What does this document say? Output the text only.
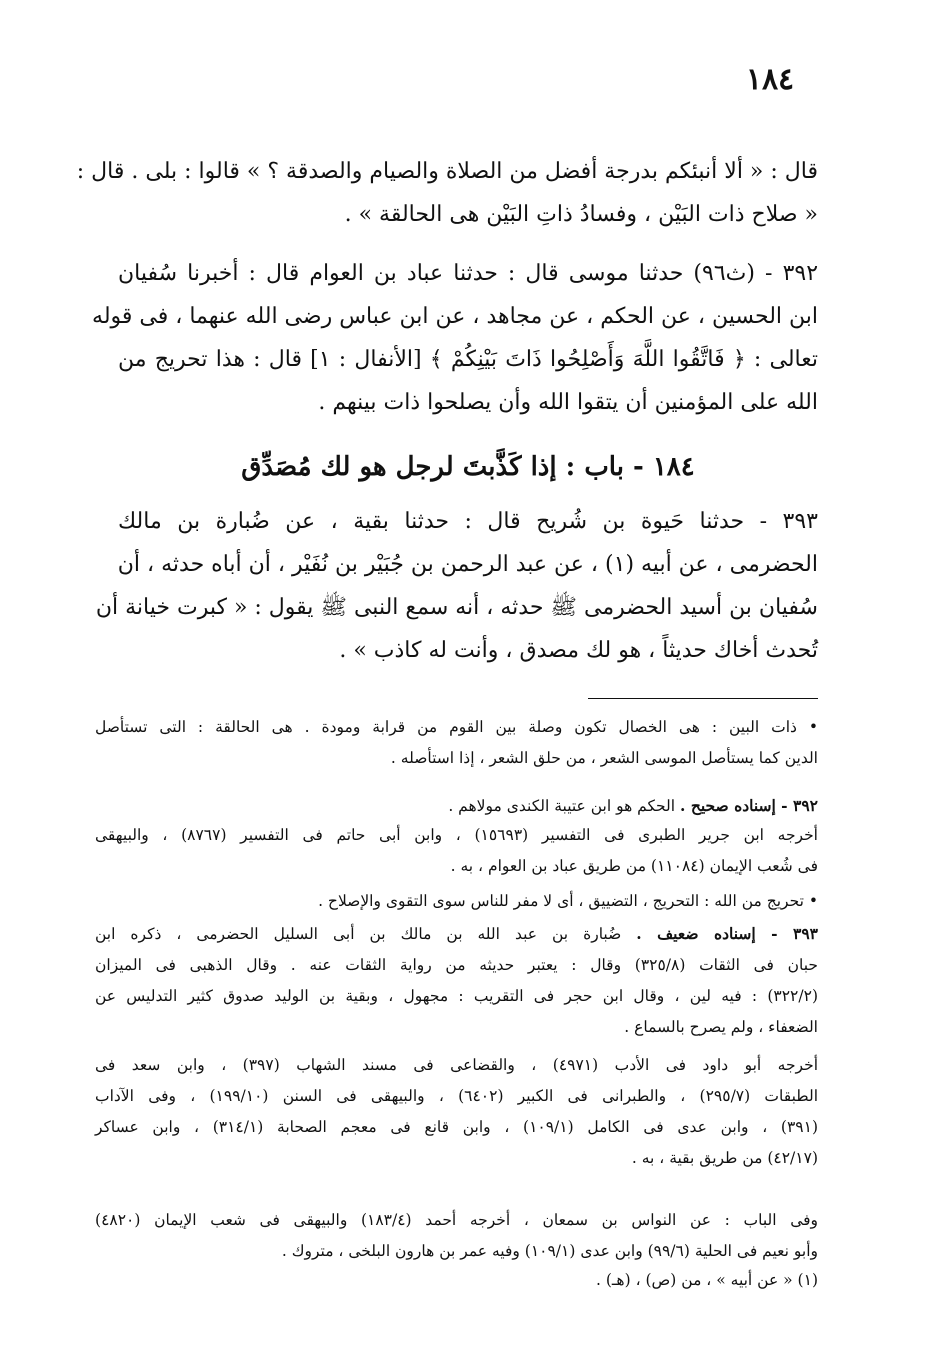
١٨٤
قال : « ألا أنبئكم بدرجة أفضل من الصلاة والصيام والصدقة ؟ » قالوا : بلى . قال :
« صلاح ذات البَيْن ، وفسادُ ذاتِ البَيْن هى الحالقة » .
٣٩٢ - (ث٩٦) حدثنا موسى قال : حدثنا عباد بن العوام قال : أخبرنا سُفيان
ابن الحسين ، عن الحكم ، عن مجاهد ، عن ابن عباس رضى الله عنهما ، فى قوله
تعالى : ﴿ فَاتَّقُوا اللَّهَ وَأَصْلِحُوا ذَاتَ بَيْنِكُمْ ﴾ [الأنفال : ١] قال : هذا تحريج من
الله على المؤمنين أن يتقوا الله وأن يصلحوا ذات بينهم .
١٨٤ - باب : إذا كَذَّبتَ لرجل هو لك مُصَدِّق
٣٩٣ - حدثنا حَيوة بن شُريح قال : حدثنا بقية ، عن ضُبارة بن مالك
الحضرمى ، عن أبيه (١) ، عن عبد الرحمن بن جُبَيْر بن نُفَيْر ، أن أباه حدثه ، أن
سُفيان بن أسيد الحضرمى ﷺ حدثه ، أنه سمع النبى ﷺ يقول : « كبرت خيانة أن
تُحدث أخاك حديثاً ، هو لك مصدق ، وأنت له كاذب » .
• ذات البين : هى الخصال تكون وصلة بين القوم من قرابة ومودة . هى الحالقة : التى تستأصل
الدين كما يستأصل الموسى الشعر ، من حلق الشعر ، إذا استأصله .
٣٩٢ - إسناده صحيح . الحكم هو ابن عتيبة الكندى مولاهم .
أخرجه ابن جرير الطبرى فى التفسير (١٥٦٩٣) ، وابن أبى حاتم فى التفسير (٨٧٦٧) ، والبيهقى
فى شُعب الإيمان (١١٠٨٤) من طريق عباد بن العوام ، به .
• تحريج من الله : التحريج ، التضييق ، أى لا مفر للناس سوى التقوى والإصلاح .
٣٩٣ - إسناده ضعيف . ضُبارة بن عبد الله بن مالك بن أبى السليل الحضرمى ، ذكره ابن
حبان فى الثقات (٣٢٥/٨) وقال : يعتبر حديثه من رواية الثقات عنه . وقال الذهبى فى الميزان
(٣٢٢/٢) : فيه لين ، وقال ابن حجر فى التقريب : مجهول ، وبقية بن الوليد صدوق كثير التدليس عن
الضعفاء ، ولم يصرح بالسماع .
أخرجه أبو داود فى الأدب (٤٩٧١) ، والقضاعى فى مسند الشهاب (٣٩٧) ، وابن سعد فى
الطبقات (٢٩٥/٧) ، والطبرانى فى الكبير (٦٤٠٢) ، والبيهقى فى السنن (١٩٩/١٠) ، وفى الآداب
(٣٩١) ، وابن عدى فى الكامل (١٠٩/١) ، وابن قانع فى معجم الصحابة (٣١٤/١) ، وابن عساكر
(٤٢/١٧) من طريق بقية ، به .
وفى الباب : عن النواس بن سمعان ، أخرجه أحمد (١٨٣/٤) والبيهقى فى شعب الإيمان (٤٨٢٠)
وأبو نعيم فى الحلية (٩٩/٦) وابن عدى (١٠٩/١) وفيه عمر بن هارون البلخى ، متروك .
(١) « عن أبيه » ، من (ص) ، (هـ) .
